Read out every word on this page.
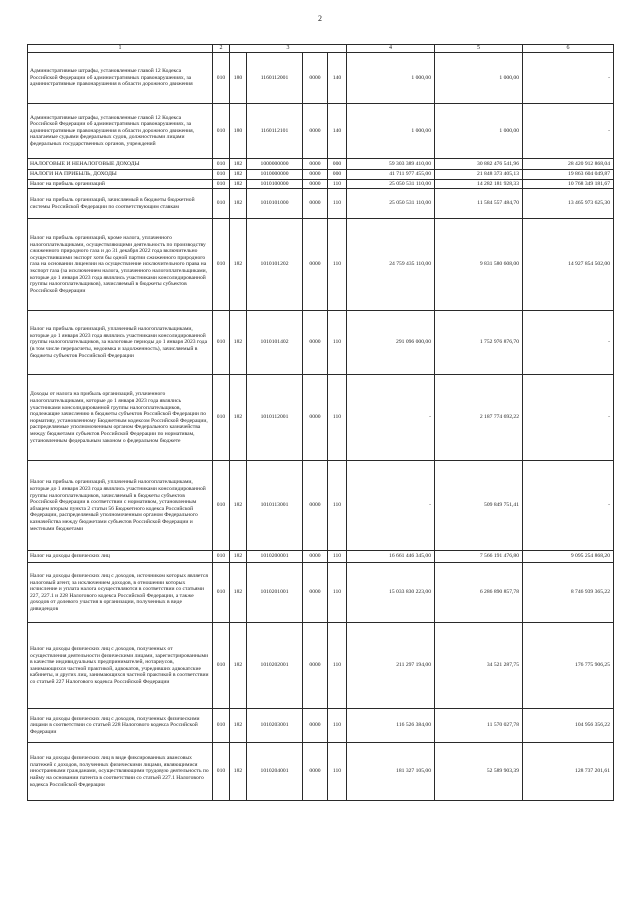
2
1	2	3				4	5	6
Административные штрафы, установленные главой 12 Кодекса Российской Федерации об административных правонарушениях, за административные правонарушения в области дорожного движения	010	180	1160112001	0000	140	1 000,00	1 000,00	-
Административные штрафы, установленные главой 12 Кодекса Российской Федерации об административных правонарушениях, за административные правонарушения в области дорожного движения, налагаемые судьями федеральных судов, должностными лицами федеральных государственных органов, учреждений	010	180	1160112101	0000	140	1 000,00	1 000,00	-
НАЛОГОВЫЕ И НЕНАЛОГОВЫЕ ДОХОДЫ	010	182	1000000000	0000	000	59 303 389 410,00	30 882 476 541,96	28 420 912 868,04
НАЛОГИ НА ПРИБЫЛЬ, ДОХОДЫ	010	182	1010000000	0000	000	41 711 977 455,00	21 848 373 405,13	19 863 604 049,87
Налог на прибыль организаций	010	182	1010100000	0000	110	25 050 531 110,00	14 282 181 928,33	10 768 349 181,67
Налог на прибыль организаций, зачисляемый в бюджеты бюджетной системы Российской Федерации по соответствующим ставкам	010	182	1010101000	0000	110	25 050 531 110,00	11 584 557 484,70	13 465 973 625,30
Налог на прибыль организаций, кроме налога, уплаченного налогоплательщиками, осуществляющими деятельность по производству сжиженного природного газа и до 31 декабря 2022 года включительно осуществившими экспорт хотя бы одной партии сжиженного природного газа на основании лицензии на осуществление исключительного права на экспорт газа (за исключением налога, уплаченного налогоплательщиками, которые до 1 января 2023 года являлись участниками консолидированной группы налогоплательщиков), зачисляемый в бюджеты субъектов Российской Федерации	010	182	1010101202	0000	110	24 759 435 110,00	9 831 580 608,00	14 927 854 502,00
Налог на прибыль организаций, уплаченный налогоплательщиками, которые до 1 января 2023 года являлись участниками консолидированной группы налогоплательщиков, за налоговые периоды до 1 января 2023 года (в том числе перерасчеты, недоимка и задолженность), зачисляемый в бюджеты субъектов Российской Федерации	010	182	1010101402	0000	110	291 096 000,00	1 752 976 876,70	-
Доходы от налога на прибыль организаций, уплаченного налогоплательщиками, которые до 1 января 2023 года являлись участниками консолидированной группы налогоплательщиков, подлежащие зачислению в бюджеты субъектов Российской Федерации по нормативу, установленному Бюджетным кодексом Российской Федерации, распределяемые уполномоченным органом Федерального казначейства между бюджетами субъектов Российской Федерации по нормативам, установленным федеральным законом о федеральном бюджете	010	182	1010112001	0000	110	-	2 187 774 692,22	-
Налог на прибыль организаций, уплаченный налогоплательщиками, которые до 1 января 2023 года являлись участниками консолидированной группы налогоплательщиков, зачисляемый в бюджеты субъектов Российской Федерации в соответствии с нормативом, установленным абзацем вторым пункта 2 статьи 56 Бюджетного кодекса Российской Федерации, распределяемый уполномоченным органом Федерального казначейства между бюджетами субъектов Российской Федерации и местными бюджетами	010	182	1010113001	0000	110	-	509 849 751,41	-
Налог на доходы физических лиц	010	182	1010200001	0000	110	16 661 446 345,00	7 566 191 476,80	9 095 254 868,20
Налог на доходы физических лиц с доходов, источником которых является налоговый агент, за исключением доходов, в отношении которых исчисление и уплата налога осуществляются в соответствии со статьями 227, 227.1 и 228 Налогового кодекса Российской Федерации, а также доходов от долевого участия в организации, полученных в виде дивидендов	010	182	1010201001	0000	110	15 033 830 223,00	6 286 890 857,78	8 746 939 365,22
Налог на доходы физических лиц с доходов, полученных от осуществления деятельности физическими лицами, зарегистрированными в качестве индивидуальных предпринимателей, нотариусов, занимающихся частной практикой, адвокатов, учредивших адвокатские кабинеты, и других лиц, занимающихся частной практикой в соответствии со статьей 227 Налогового кодекса Российской Федерации	010	182	1010202001	0000	110	211 297 194,00	34 521 287,75	176 775 906,25
Налог на доходы физических лиц с доходов, полученных физическими лицами в соответствии со статьей 228 Налогового кодекса Российской Федерации	010	182	1010203001	0000	110	116 526 384,00	11 570 027,78	104 956 356,22
Налог на доходы физических лиц в виде фиксированных авансовых платежей с доходов, полученных физическими лицами, являющимися иностранными гражданами, осуществляющими трудовую деятельность по найму на основании патента в соответствии со статьей 227.1 Налогового кодекса Российской Федерации	010	182	1010204001	0000	110	181 327 105,00	52 589 903,39	128 737 201,61
